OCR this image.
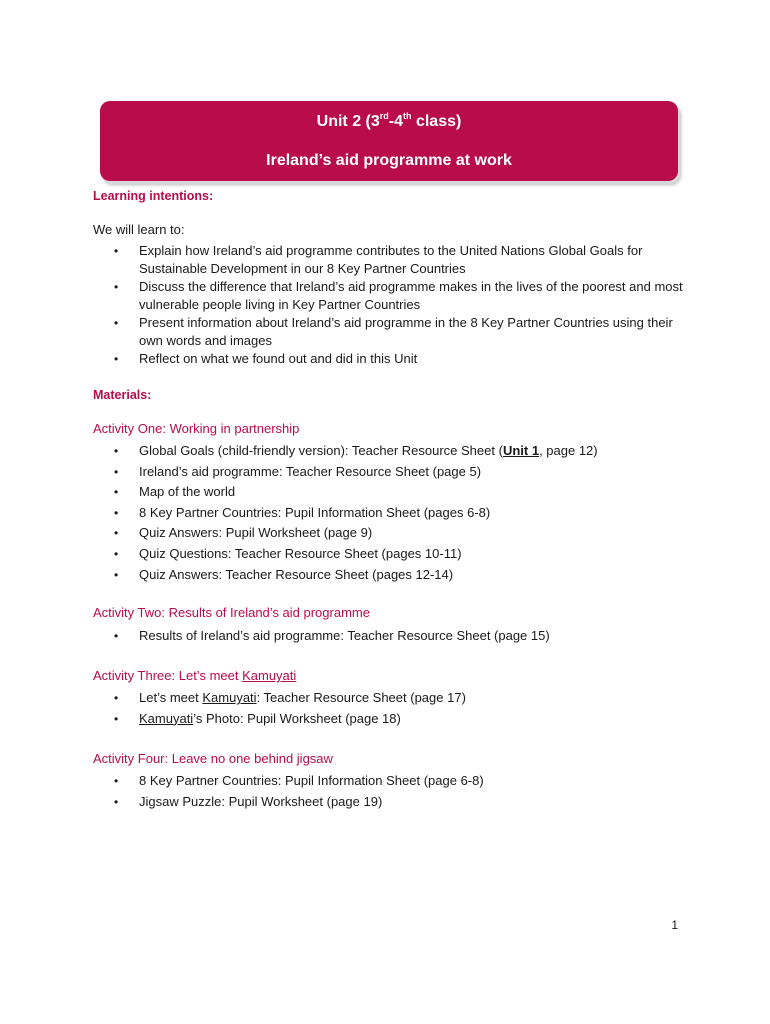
Unit 2 (3rd-4th class)
Ireland’s aid programme at work
Learning intentions:
We will learn to:
• Explain how Ireland’s aid programme contributes to the United Nations Global Goals for Sustainable Development in our 8 Key Partner Countries
• Discuss the difference that Ireland’s aid programme makes in the lives of the poorest and most vulnerable people living in Key Partner Countries
• Present information about Ireland’s aid programme in the 8 Key Partner Countries using their own words and images
• Reflect on what we found out and did in this Unit
Materials:
Activity One: Working in partnership
• Global Goals (child-friendly version): Teacher Resource Sheet (Unit 1, page 12)
• Ireland’s aid programme: Teacher Resource Sheet (page 5)
• Map of the world
• 8 Key Partner Countries: Pupil Information Sheet (pages 6-8)
• Quiz Answers: Pupil Worksheet (page 9)
• Quiz Questions: Teacher Resource Sheet (pages 10-11)
• Quiz Answers: Teacher Resource Sheet (pages 12-14)
Activity Two: Results of Ireland’s aid programme
• Results of Ireland’s aid programme: Teacher Resource Sheet (page 15)
Activity Three: Let’s meet Kamuyati
• Let’s meet Kamuyati: Teacher Resource Sheet (page 17)
• Kamuyati’s Photo: Pupil Worksheet (page 18)
Activity Four: Leave no one behind jigsaw
• 8 Key Partner Countries: Pupil Information Sheet (page 6-8)
• Jigsaw Puzzle: Pupil Worksheet (page 19)
1
